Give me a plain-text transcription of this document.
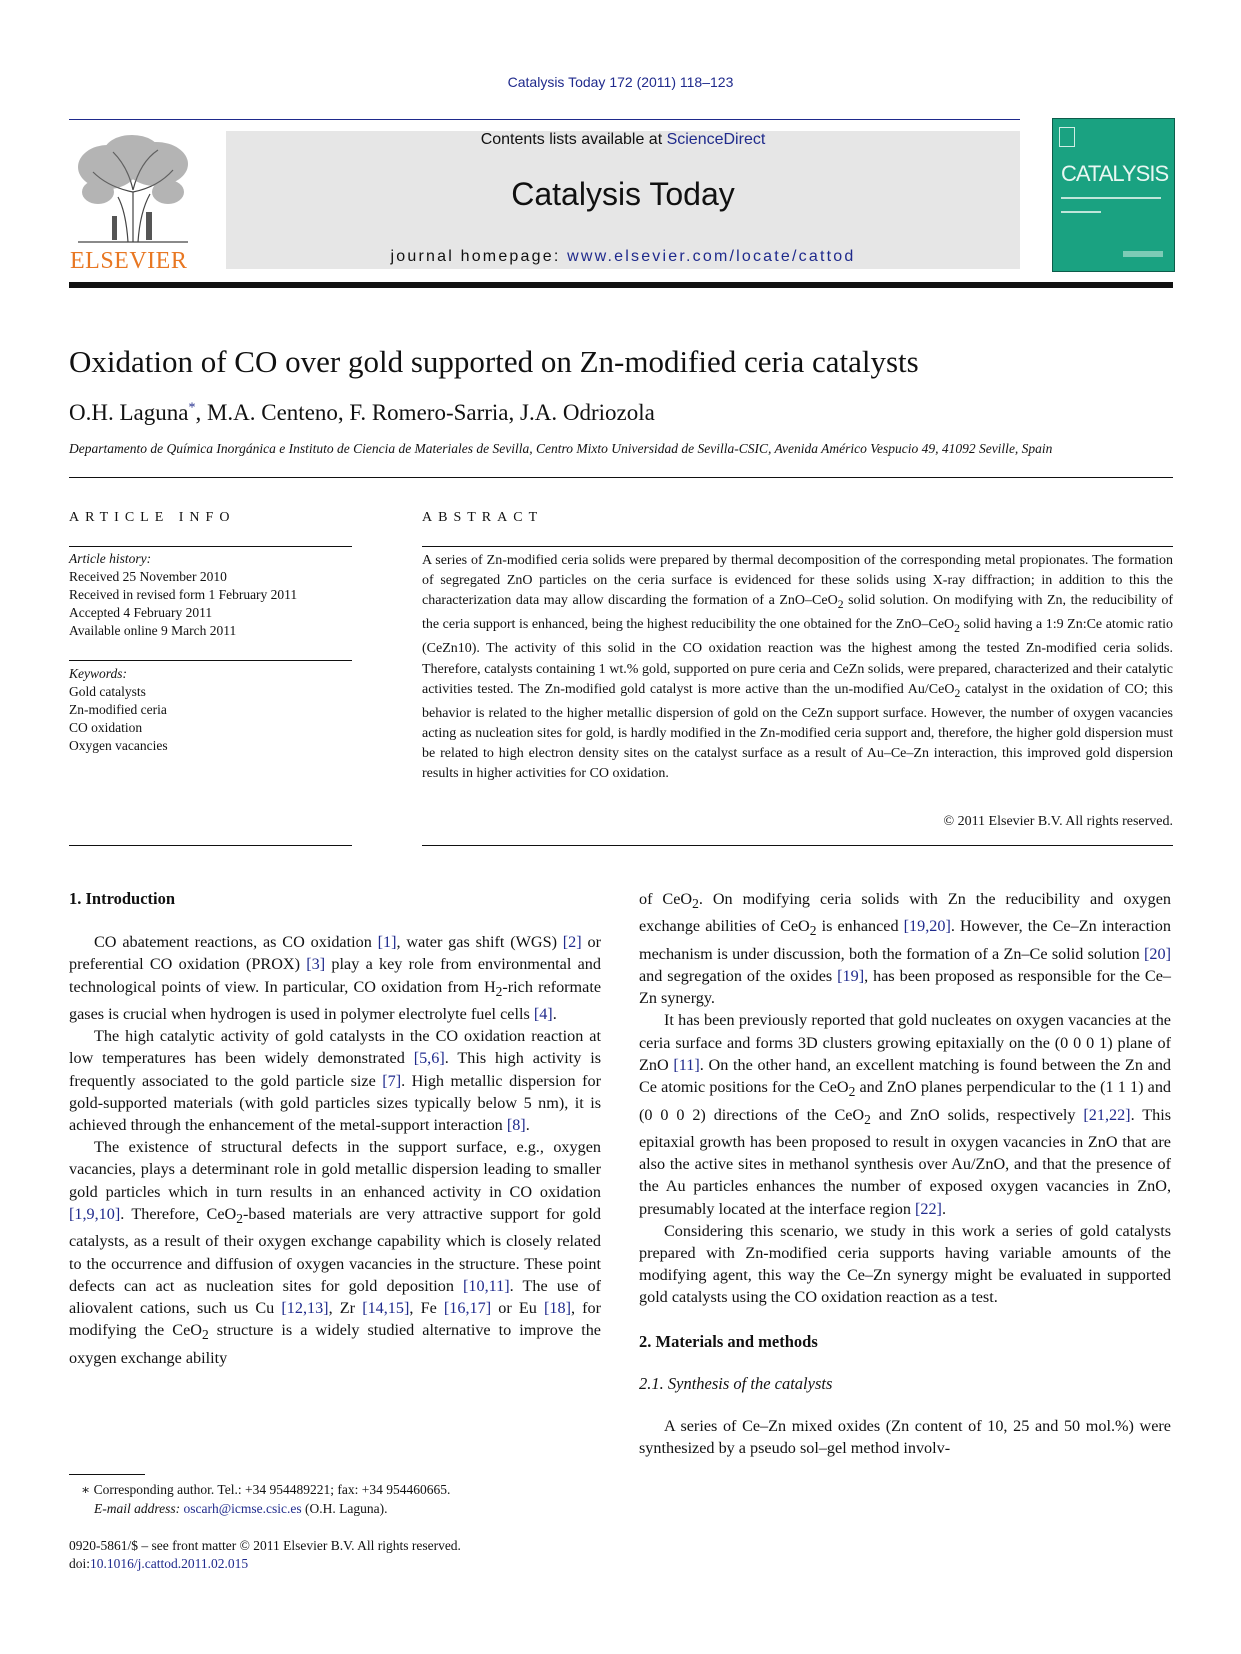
Catalysis Today 172 (2011) 118–123
ELSEVIER
Contents lists available at ScienceDirect
Catalysis Today
journal homepage: www.elsevier.com/locate/cattod
CATALYSIS
Oxidation of CO over gold supported on Zn-modified ceria catalysts
O.H. Laguna*, M.A. Centeno, F. Romero-Sarria, J.A. Odriozola
Departamento de Química Inorgánica e Instituto de Ciencia de Materiales de Sevilla, Centro Mixto Universidad de Sevilla-CSIC, Avenida Américo Vespucio 49, 41092 Seville, Spain
ARTICLE INFO	ABSTRACT
Article history:
Received 25 November 2010
Received in revised form 1 February 2011
Accepted 4 February 2011
Available online 9 March 2011
Keywords:
Gold catalysts
Zn-modified ceria
CO oxidation
Oxygen vacancies
A series of Zn-modified ceria solids were prepared by thermal decomposition of the corresponding metal propionates. The formation of segregated ZnO particles on the ceria surface is evidenced for these solids using X-ray diffraction; in addition to this the characterization data may allow discarding the formation of a ZnO–CeO$_2$ solid solution. On modifying with Zn, the reducibility of the ceria support is enhanced, being the highest reducibility the one obtained for the ZnO–CeO$_2$ solid having a 1:9 Zn:Ce atomic ratio (CeZn10). The activity of this solid in the CO oxidation reaction was the highest among the tested Zn-modified ceria solids. Therefore, catalysts containing 1 wt.% gold, supported on pure ceria and CeZn solids, were prepared, characterized and their catalytic activities tested. The Zn-modified gold catalyst is more active than the un-modified Au/CeO$_2$ catalyst in the oxidation of CO; this behavior is related to the higher metallic dispersion of gold on the CeZn support surface. However, the number of oxygen vacancies acting as nucleation sites for gold, is hardly modified in the Zn-modified ceria support and, therefore, the higher gold dispersion must be related to high electron density sites on the catalyst surface as a result of Au–Ce–Zn interaction, this improved gold dispersion results in higher activities for CO oxidation.
© 2011 Elsevier B.V. All rights reserved.
1. Introduction

CO abatement reactions, as CO oxidation [1], water gas shift (WGS) [2] or preferential CO oxidation (PROX) [3] play a key role from environmental and technological points of view. In particular, CO oxidation from $H_2$-rich reformate gases is crucial when hydrogen is used in polymer electrolyte fuel cells [4].

The high catalytic activity of gold catalysts in the CO oxidation reaction at low temperatures has been widely demonstrated [5,6]. This high activity is frequently associated to the gold particle size [7]. High metallic dispersion for gold-supported materials (with gold particles sizes typically below 5 nm), it is achieved through the enhancement of the metal-support interaction [8].

The existence of structural defects in the support surface, e.g., oxygen vacancies, plays a determinant role in gold metallic dispersion leading to smaller gold particles which in turn results in an enhanced activity in CO oxidation [1,9,10]. Therefore, CeO$_2$-based materials are very attractive support for gold catalysts, as a result of their oxygen exchange capability which is closely related to the occurrence and diffusion of oxygen vacancies in the structure. These point defects can act as nucleation sites for gold deposition [10,11]. The use of aliovalent cations, such us Cu [12,13], Zr [14,15], Fe [16,17] or Eu [18], for modifying the CeO$_2$ structure is a widely studied alternative to improve the oxygen exchange ability

of CeO$_2$. On modifying ceria solids with Zn the reducibility and oxygen exchange abilities of CeO$_2$ is enhanced [19,20]. However, the Ce–Zn interaction mechanism is under discussion, both the formation of a Zn–Ce solid solution [20] and segregation of the oxides [19], has been proposed as responsible for the Ce–Zn synergy.

It has been previously reported that gold nucleates on oxygen vacancies at the ceria surface and forms 3D clusters growing epitaxially on the (0 0 0 1) plane of ZnO [11]. On the other hand, an excellent matching is found between the Zn and Ce atomic positions for the CeO$_2$ and ZnO planes perpendicular to the (1 1 1) and (0 0 0 2) directions of the CeO$_2$ and ZnO solids, respectively [21,22]. This epitaxial growth has been proposed to result in oxygen vacancies in ZnO that are also the active sites in methanol synthesis over Au/ZnO, and that the presence of the Au particles enhances the number of exposed oxygen vacancies in ZnO, presumably located at the interface region [22].

Considering this scenario, we study in this work a series of gold catalysts prepared with Zn-modified ceria supports having variable amounts of the modifying agent, this way the Ce–Zn synergy might be evaluated in supported gold catalysts using the CO oxidation reaction as a test.

2. Materials and methods
2.1. Synthesis of the catalysts

A series of Ce–Zn mixed oxides (Zn content of 10, 25 and 50 mol.%) were synthesized by a pseudo sol–gel method involv-

∗ Corresponding author. Tel.: +34 954489221; fax: +34 954460665.
E-mail address: oscarh@icmse.csic.es (O.H. Laguna).
0920-5861/$ – see front matter © 2011 Elsevier B.V. All rights reserved.
doi:10.1016/j.cattod.2011.02.015
